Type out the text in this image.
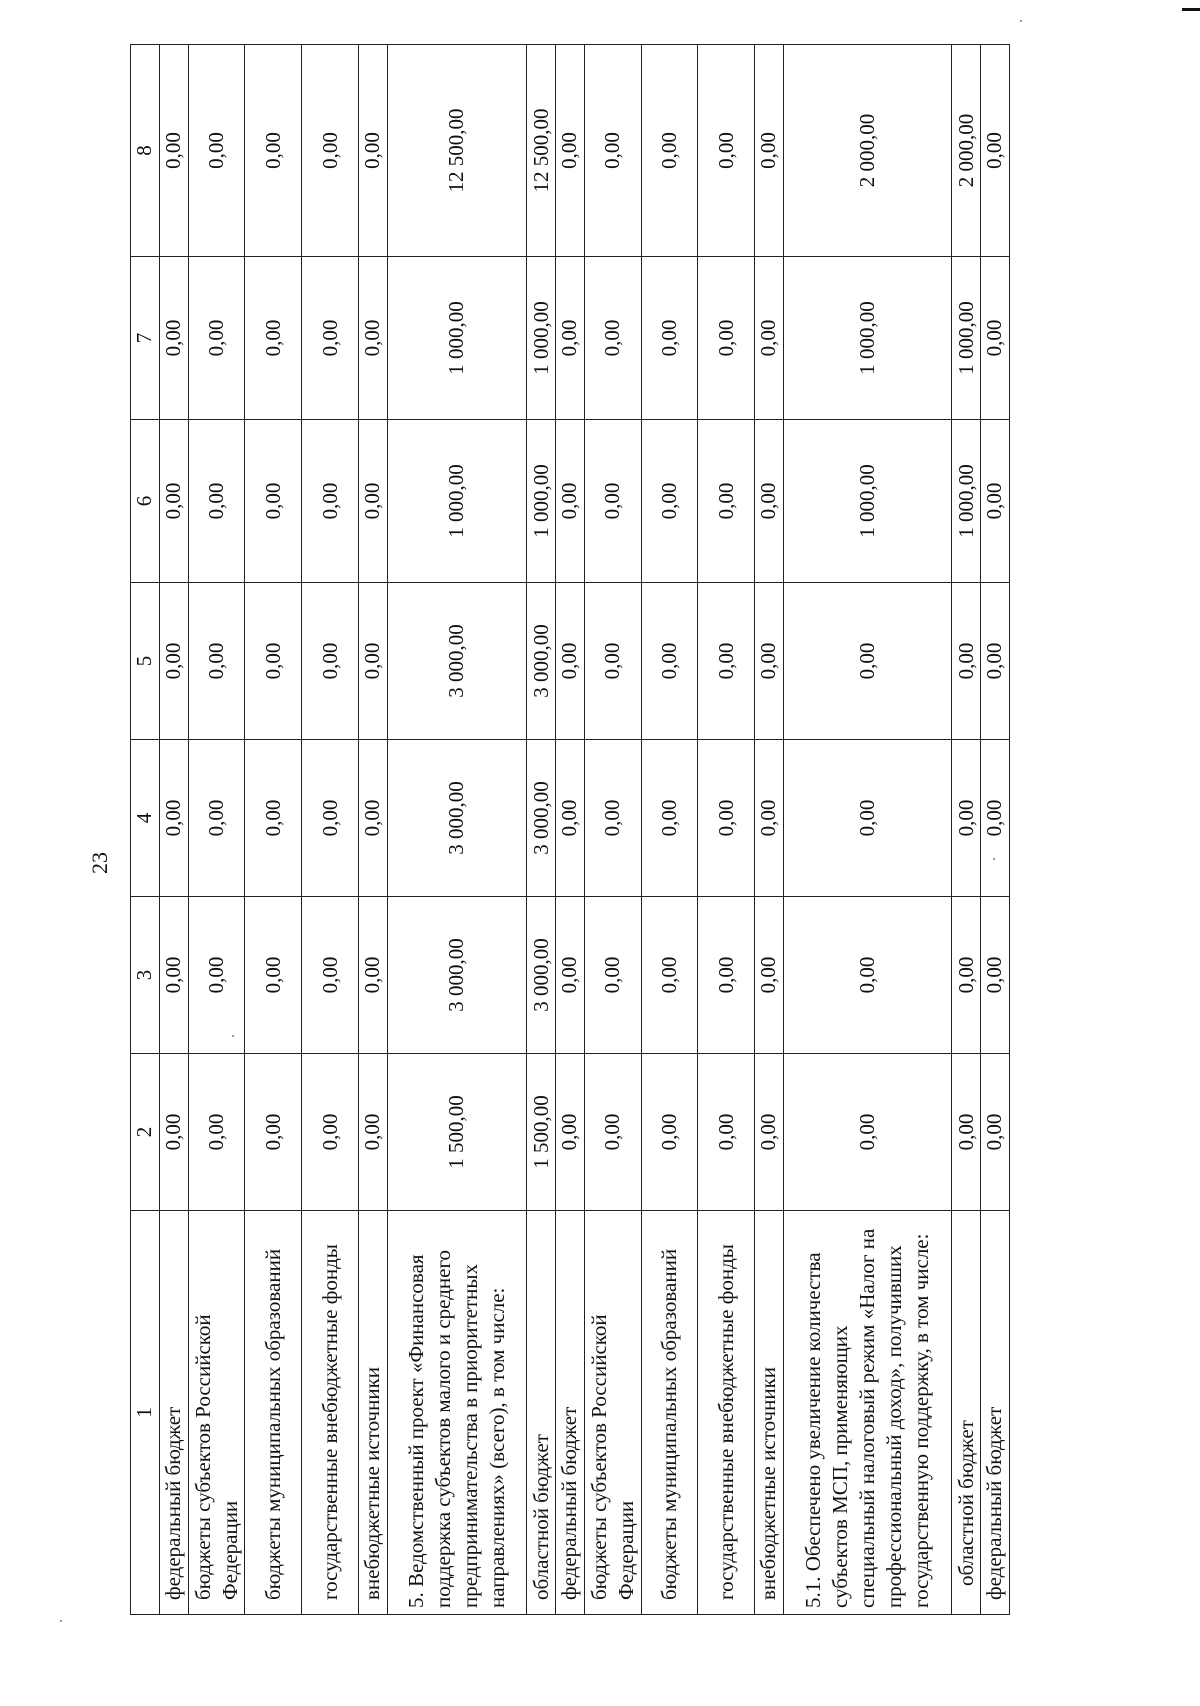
23
1	2	3	4	5	6	7	8
федеральный бюджет	0,00	0,00	0,00	0,00	0,00	0,00	0,00
бюджеты субъектов Российской Федерации	0,00	0,00	0,00	0,00	0,00	0,00	0,00
бюджеты муниципальных образований	0,00	0,00	0,00	0,00	0,00	0,00	0,00
государственные внебюджетные фонды	0,00	0,00	0,00	0,00	0,00	0,00	0,00
внебюджетные источники	0,00	0,00	0,00	0,00	0,00	0,00	0,00
5. Ведомственный проект «Финансовая поддержка субъектов малого и среднего предпринимательства в приоритетных направлениях» (всего), в том числе:	1 500,00	3 000,00	3 000,00	3 000,00	1 000,00	1 000,00	12 500,00
областной бюджет	1 500,00	3 000,00	3 000,00	3 000,00	1 000,00	1 000,00	12 500,00
федеральный бюджет	0,00	0,00	0,00	0,00	0,00	0,00	0,00
бюджеты субъектов Российской Федерации	0,00	0,00	0,00	0,00	0,00	0,00	0,00
бюджеты муниципальных образований	0,00	0,00	0,00	0,00	0,00	0,00	0,00
государственные внебюджетные фонды	0,00	0,00	0,00	0,00	0,00	0,00	0,00
внебюджетные источники	0,00	0,00	0,00	0,00	0,00	0,00	0,00
5.1. Обеспечено увеличение количества субъектов МСП, применяющих специальный налоговый режим «Налог на профессиональный доход», получивших государственную поддержку, в том числе:	0,00	0,00	0,00	0,00	1 000,00	1 000,00	2 000,00
областной бюджет	0,00	0,00	0,00	0,00	1 000,00	1 000,00	2 000,00
федеральный бюджет	0,00	0,00	0,00	0,00	0,00	0,00	0,00
